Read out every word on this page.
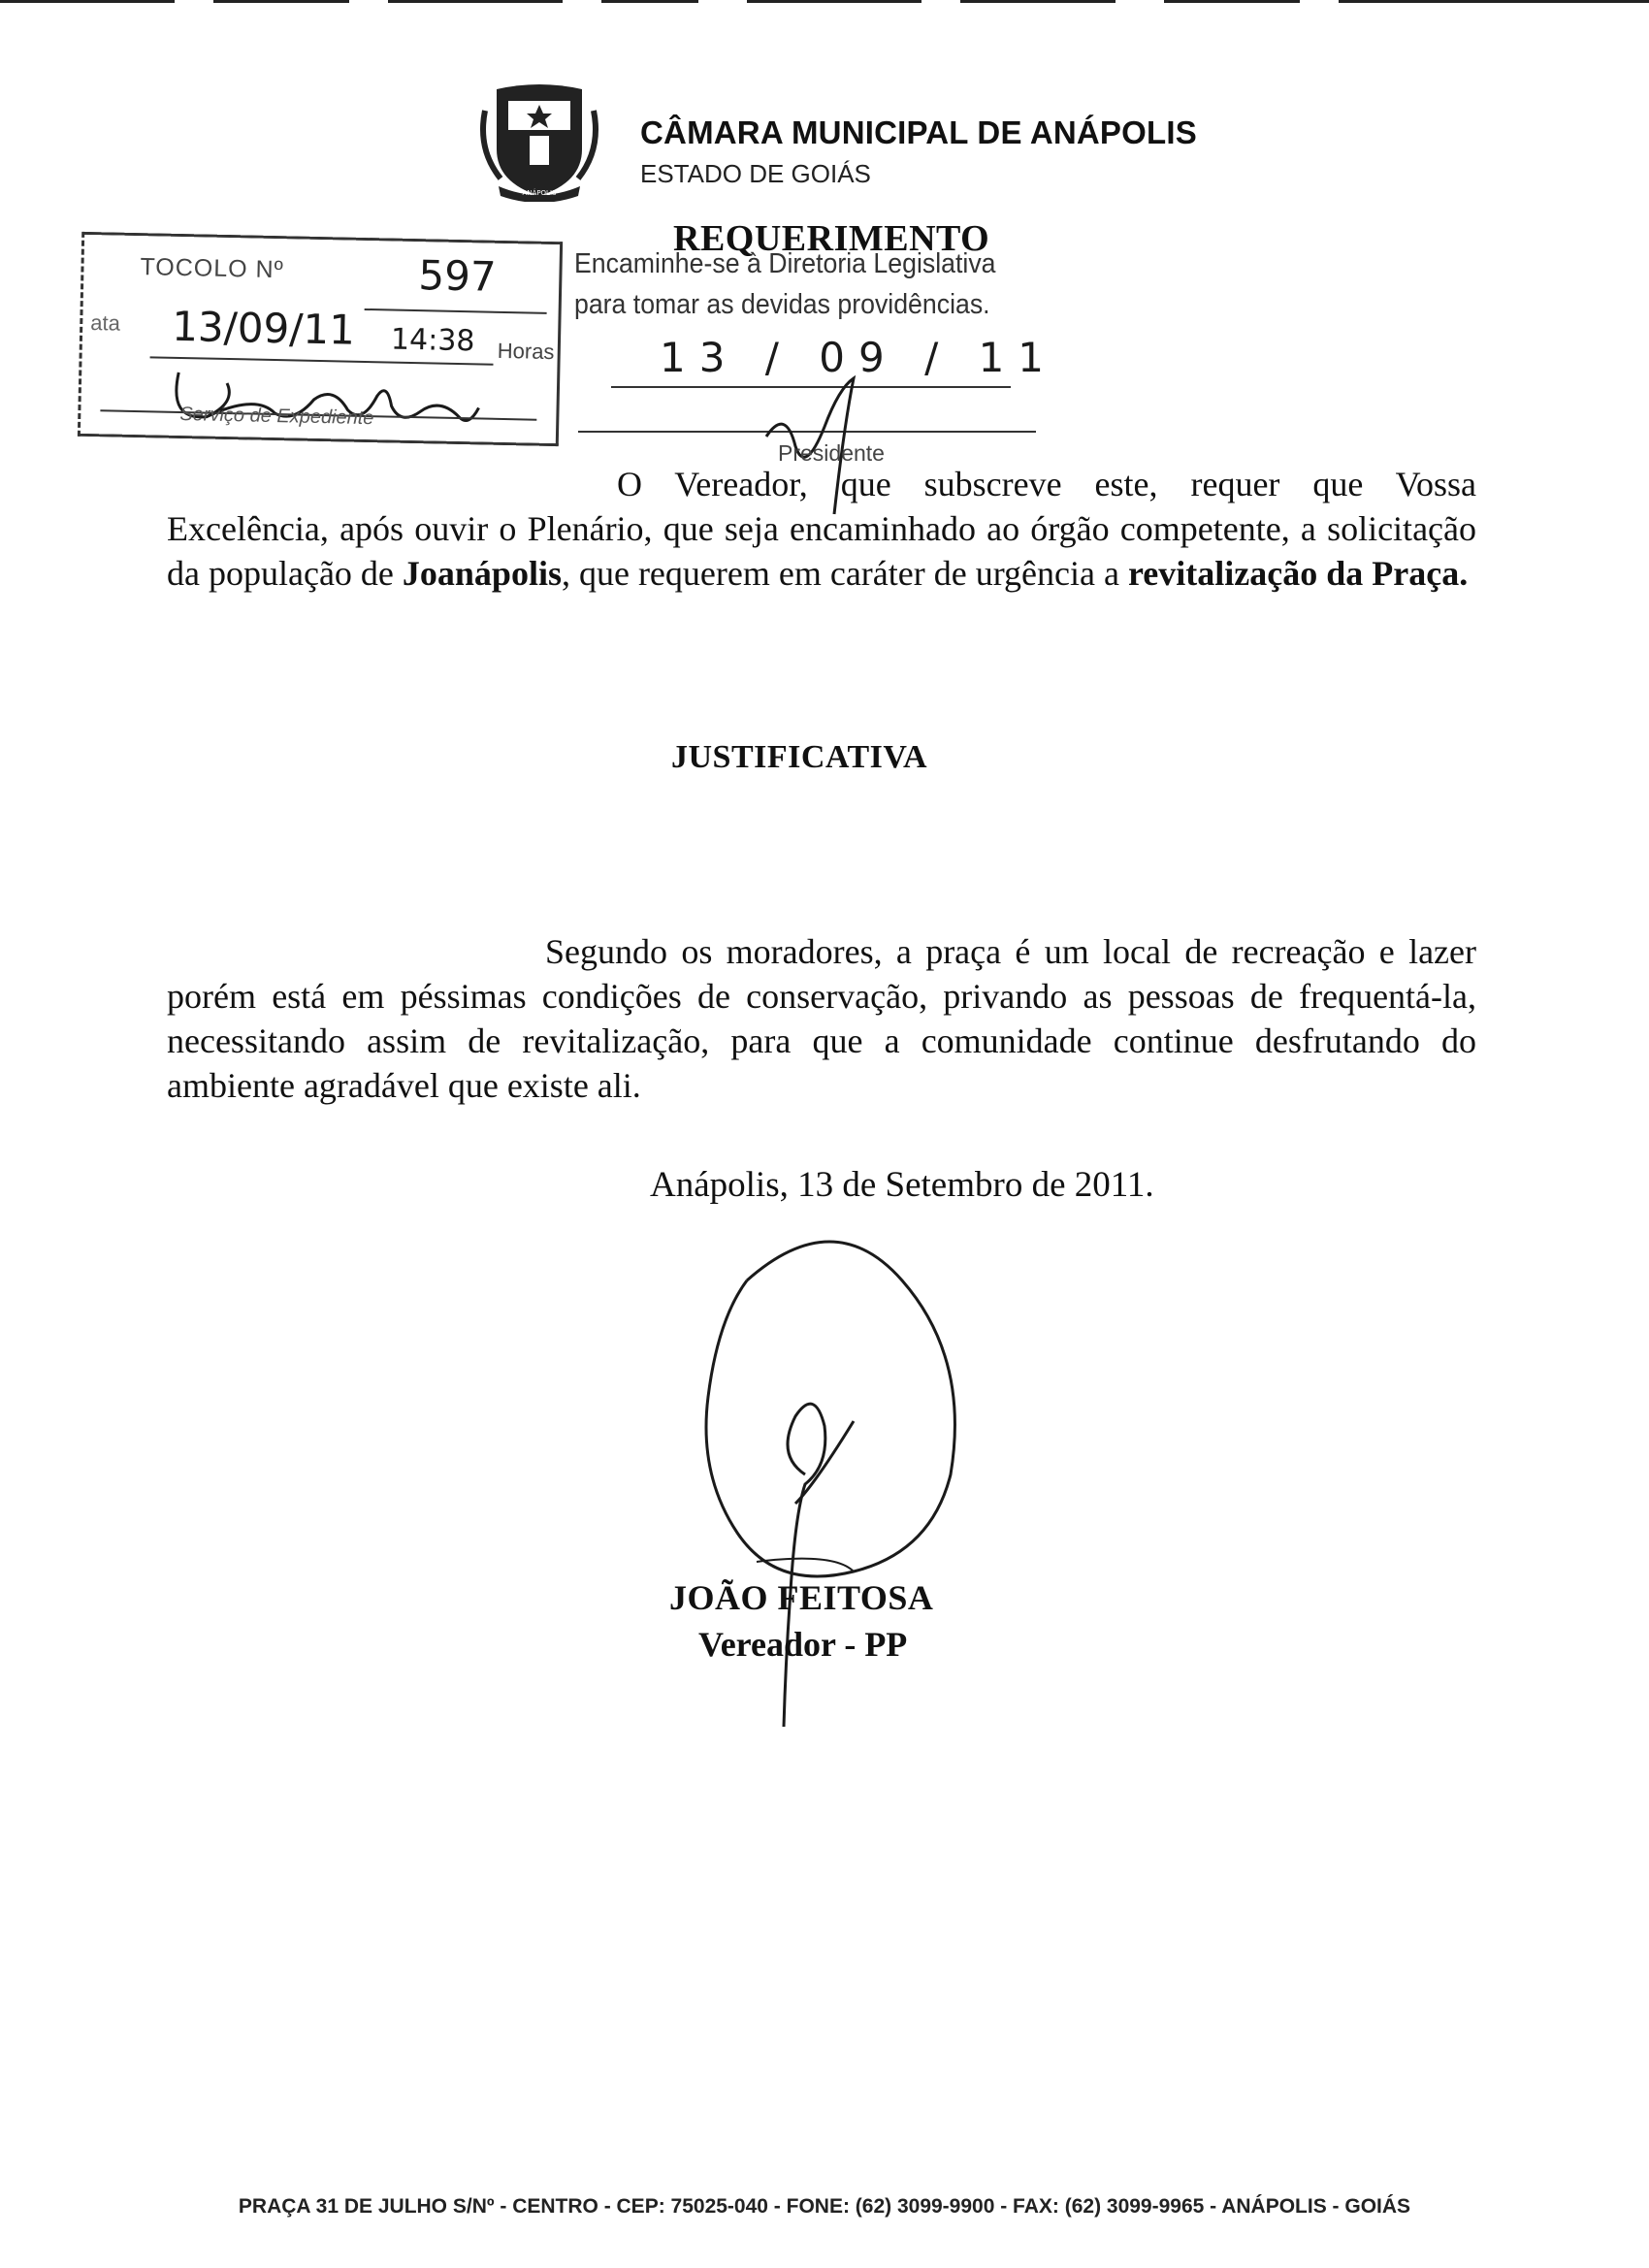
ANÁPOLIS
CÂMARA MUNICIPAL DE ANÁPOLIS
ESTADO DE GOIÁS
REQUERIMENTO
TOCOLO Nº	597
ata 13/09/11 14:38 Horas
Serviço de Expediente
Encaminhe-se à Diretoria Legislativa
para tomar as devidas providências.
13 / 09 / 11
Presidente
O Vereador, que subscreve este, requer que Vossa Excelência, após ouvir o Plenário, que seja encaminhado ao órgão competente, a solicitação da população de Joanápolis, que requerem em caráter de urgência a revitalização da Praça.
JUSTIFICATIVA
Segundo os moradores, a praça é um local de recreação e lazer porém está em péssimas condições de conservação, privando as pessoas de frequentá-la, necessitando assim de revitalização, para que a comunidade continue desfrutando do ambiente agradável que existe ali.
Anápolis, 13 de Setembro de 2011.
JOÃO FEITOSA
Vereador - PP
PRAÇA 31 DE JULHO S/Nº - CENTRO - CEP: 75025-040 - FONE: (62) 3099-9900 - FAX: (62) 3099-9965 - ANÁPOLIS - GOIÁS
